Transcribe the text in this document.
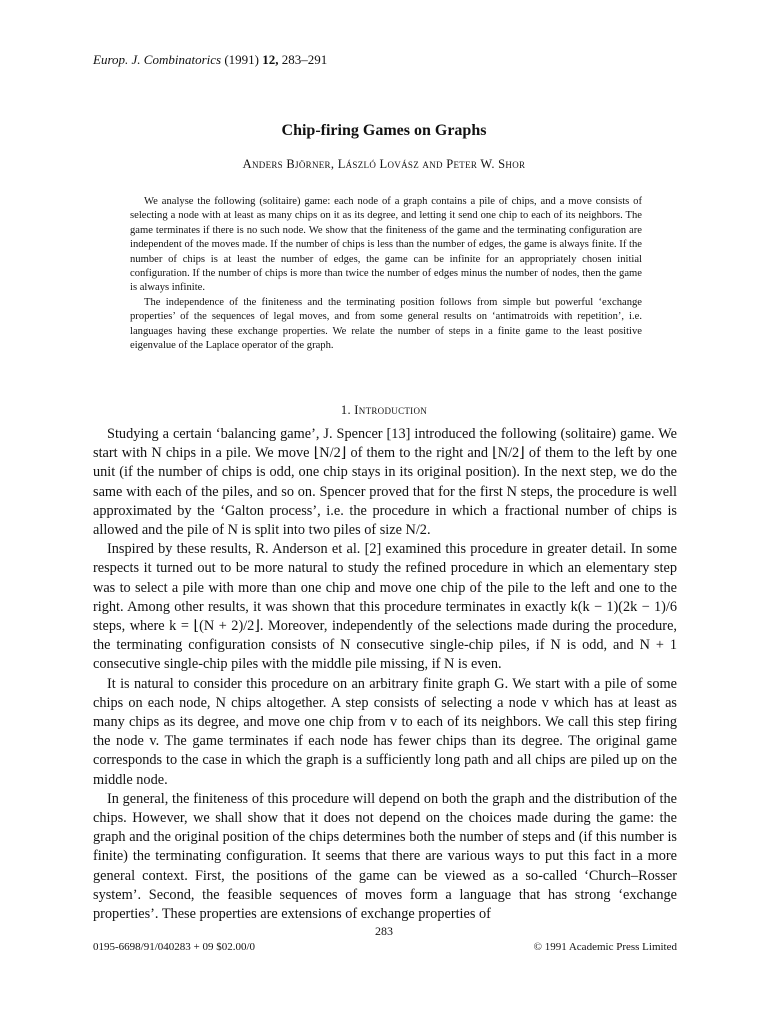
Europ. J. Combinatorics (1991) 12, 283–291
Chip-firing Games on Graphs
Anders Björner, László Lovász and Peter W. Shor

We analyse the following (solitaire) game: each node of a graph contains a pile of chips, and a move consists of selecting a node with at least as many chips on it as its degree, and letting it send one chip to each of its neighbors. The game terminates if there is no such node. We show that the finiteness of the game and the terminating configuration are independent of the moves made. If the number of chips is less than the number of edges, the game is always finite. If the number of chips is at least the number of edges, the game can be infinite for an appropriately chosen initial configuration. If the number of chips is more than twice the number of edges minus the number of nodes, then the game is always infinite.

The independence of the finiteness and the terminating position follows from simple but powerful ‘exchange properties’ of the sequences of legal moves, and from some general results on ‘antimatroids with repetition’, i.e. languages having these exchange properties. We relate the number of steps in a finite game to the least positive eigenvalue of the Laplace operator of the graph.

1. Introduction

Studying a certain ‘balancing game’, J. Spencer [13] introduced the following (solitaire) game. We start with N chips in a pile. We move ⌊N/2⌋ of them to the right and ⌊N/2⌋ of them to the left by one unit (if the number of chips is odd, one chip stays in its original position). In the next step, we do the same with each of the piles, and so on. Spencer proved that for the first N steps, the procedure is well approximated by the ‘Galton process’, i.e. the procedure in which a fractional number of chips is allowed and the pile of N is split into two piles of size N/2.

Inspired by these results, R. Anderson et al. [2] examined this procedure in greater detail. In some respects it turned out to be more natural to study the refined procedure in which an elementary step was to select a pile with more than one chip and move one chip of the pile to the left and one to the right. Among other results, it was shown that this procedure terminates in exactly k(k − 1)(2k − 1)/6 steps, where k = ⌊(N + 2)/2⌋. Moreover, independently of the selections made during the procedure, the terminating configuration consists of N consecutive single-chip piles, if N is odd, and N + 1 consecutive single-chip piles with the middle pile missing, if N is even.

It is natural to consider this procedure on an arbitrary finite graph G. We start with a pile of some chips on each node, N chips altogether. A step consists of selecting a node v which has at least as many chips as its degree, and move one chip from v to each of its neighbors. We call this step firing the node v. The game terminates if each node has fewer chips than its degree. The original game corresponds to the case in which the graph is a sufficiently long path and all chips are piled up on the middle node.

In general, the finiteness of this procedure will depend on both the graph and the distribution of the chips. However, we shall show that it does not depend on the choices made during the game: the graph and the original position of the chips determines both the number of steps and (if this number is finite) the terminating configuration. It seems that there are various ways to put this fact in a more general context. First, the positions of the game can be viewed as a so-called ‘Church–Rosser system’. Second, the feasible sequences of moves form a language that has strong ‘exchange properties’. These properties are extensions of exchange properties of

283
0195-6698/91/040283 + 09 $02.00/0	© 1991 Academic Press Limited
